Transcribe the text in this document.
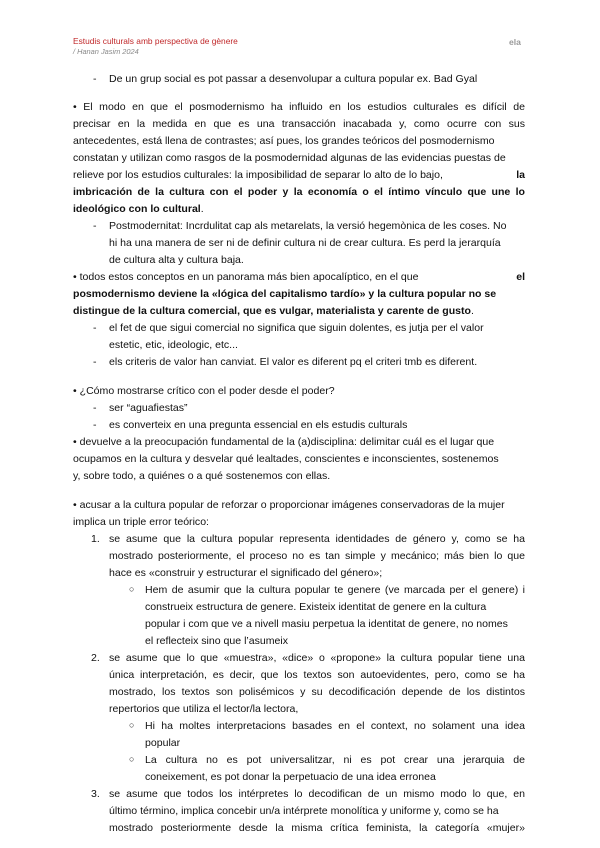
Estudis culturals amb perspectiva de gènere
/ Hanan Jasim 2024
ela
- De un grup social es pot passar a desenvolupar a cultura popular ex. Bad Gyal
• El modo en que el posmodernismo ha influido en los estudios culturales es difícil de
precisar en la medida en que es una transacción inacabada y, como ocurre con sus
antecedentes, está llena de contrastes; así pues, los grandes teóricos del posmodernismo
constatan y utilizan como rasgos de la posmodernidad algunas de las evidencias puestas de
relieve por los estudios culturales: la imposibilidad de separar lo alto de lo bajo,	la
imbricación de la cultura con el poder y la economía o el íntimo vínculo que une lo
ideológico con lo cultural.
- Postmodernitat: Incrdulitat cap als metarelats, la versió hegemònica de les coses. No
hi ha una manera de ser ni de definir cultura ni de crear cultura. Es perd la jerarquía
de cultura alta y cultura baja.
• todos estos conceptos en un panorama más bien apocalíptico, en el que	el
posmodernismo deviene la «lógica del capitalismo tardío» y la cultura popular no se
distingue de la cultura comercial, que es vulgar, materialista y carente de gusto.
- el fet de que sigui comercial no significa que siguin dolentes, es jutja per el valor
estetic, etic, ideologic, etc...
- els criteris de valor han canviat. El valor es diferent pq el criteri tmb es diferent.
• ¿Cómo mostrarse crítico con el poder desde el poder?
- ser “aguafiestas”
- es converteix en una pregunta essencial en els estudis culturals
• devuelve a la preocupación fundamental de la (a)disciplina: delimitar cuál es el lugar que
ocupamos en la cultura y desvelar qué lealtades, conscientes e inconscientes, sostenemos
y, sobre todo, a quiénes o a qué sostenemos con ellas.
• acusar a la cultura popular de reforzar o proporcionar imágenes conservadoras de la mujer
implica un triple error teórico:
1. se asume que la cultura popular representa identidades de género y, como se ha
mostrado posteriormente, el proceso no es tan simple y mecánico; más bien lo que
hace es «construir y estructurar el significado del género»;
○ Hem de asumir que la cultura popular te genere (ve marcada per el genere) i
construeix estructura de genere. Existeix identitat de genere en la cultura
popular i com que ve a nivell masiu perpetua la identitat de genere, no nomes
el reflecteix sino que l’asumeix
2. se asume que lo que «muestra», «dice» o «propone» la cultura popular tiene una
única interpretación, es decir, que los textos son autoevidentes, pero, como se ha
mostrado, los textos son polisémicos y su decodificación depende de los distintos
repertorios que utiliza el lector/la lectora,
○ Hi ha moltes interpretacions basades en el context, no solament una idea
popular
○ La cultura no es pot universalitzar, ni es pot crear una jerarquia de
coneixement, es pot donar la perpetuacio de una idea erronea
3. se asume que todos los intérpretes lo decodifican de un mismo modo lo que, en
último término, implica concebir un/a intérprete monolítica y uniforme y, como se ha
mostrado posteriormente desde la misma crítica feminista, la categoría «mujer»
